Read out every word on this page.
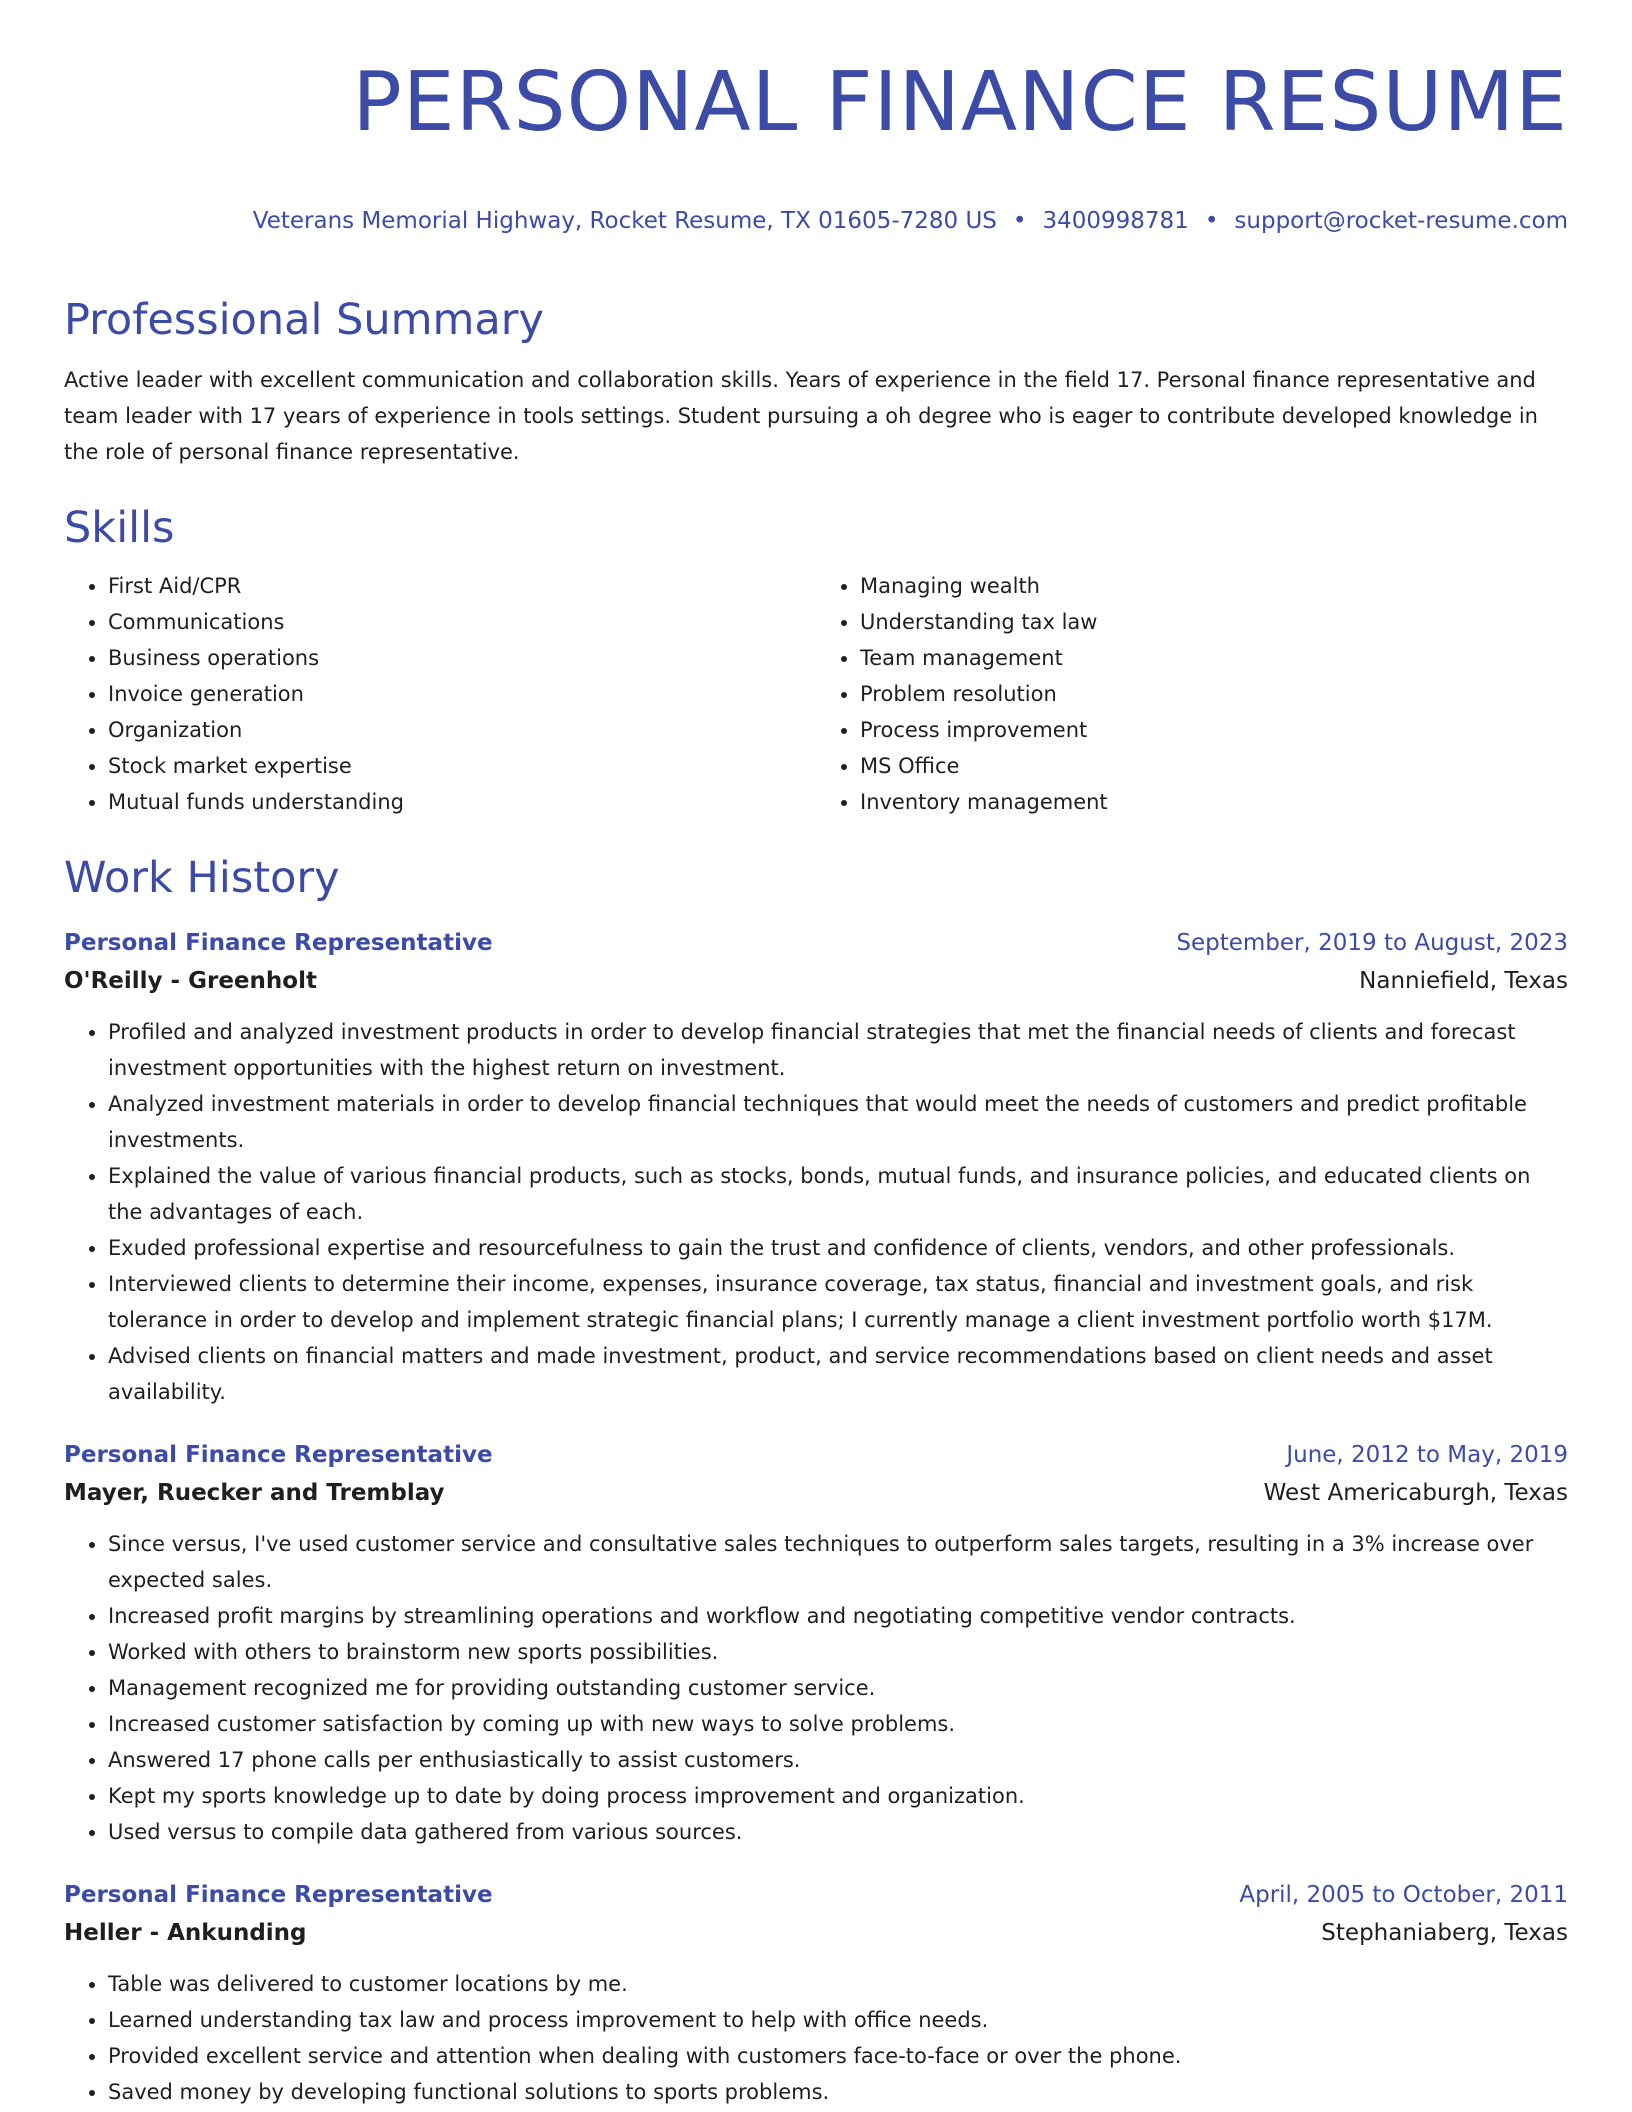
PERSONAL FINANCE RESUME
Veterans Memorial Highway, Rocket Resume, TX 01605-7280 US • 3400998781 • support@rocket-resume.com
Professional Summary

Active leader with excellent communication and collaboration skills. Years of experience in the field 17. Personal finance representative and team leader with 17 years of experience in tools settings. Student pursuing a oh degree who is eager to contribute developed knowledge in the role of personal finance representative.

Skills
• First Aid/CPR
• Communications
• Business operations
• Invoice generation
• Organization
• Stock market expertise
• Mutual funds understanding
• Managing wealth
• Understanding tax law
• Team management
• Problem resolution
• Process improvement
• MS Office
• Inventory management
Work History
Personal Finance Representative	September, 2019 to August, 2023
O'Reilly - Greenholt	Nanniefield, Texas
• Profiled and analyzed investment products in order to develop financial strategies that met the financial needs of clients and forecast investment opportunities with the highest return on investment.
• Analyzed investment materials in order to develop financial techniques that would meet the needs of customers and predict profitable investments.
• Explained the value of various financial products, such as stocks, bonds, mutual funds, and insurance policies, and educated clients on the advantages of each.
• Exuded professional expertise and resourcefulness to gain the trust and confidence of clients, vendors, and other professionals.
• Interviewed clients to determine their income, expenses, insurance coverage, tax status, financial and investment goals, and risk tolerance in order to develop and implement strategic financial plans; I currently manage a client investment portfolio worth $17M.
• Advised clients on financial matters and made investment, product, and service recommendations based on client needs and asset availability.
Personal Finance Representative	June, 2012 to May, 2019
Mayer, Ruecker and Tremblay	West Americaburgh, Texas
• Since versus, I've used customer service and consultative sales techniques to outperform sales targets, resulting in a 3% increase over expected sales.
• Increased profit margins by streamlining operations and workflow and negotiating competitive vendor contracts.
• Worked with others to brainstorm new sports possibilities.
• Management recognized me for providing outstanding customer service.
• Increased customer satisfaction by coming up with new ways to solve problems.
• Answered 17 phone calls per enthusiastically to assist customers.
• Kept my sports knowledge up to date by doing process improvement and organization.
• Used versus to compile data gathered from various sources.
Personal Finance Representative	April, 2005 to October, 2011
Heller - Ankunding	Stephaniaberg, Texas
• Table was delivered to customer locations by me.
• Learned understanding tax law and process improvement to help with office needs.
• Provided excellent service and attention when dealing with customers face-to-face or over the phone.
• Saved money by developing functional solutions to sports problems.
